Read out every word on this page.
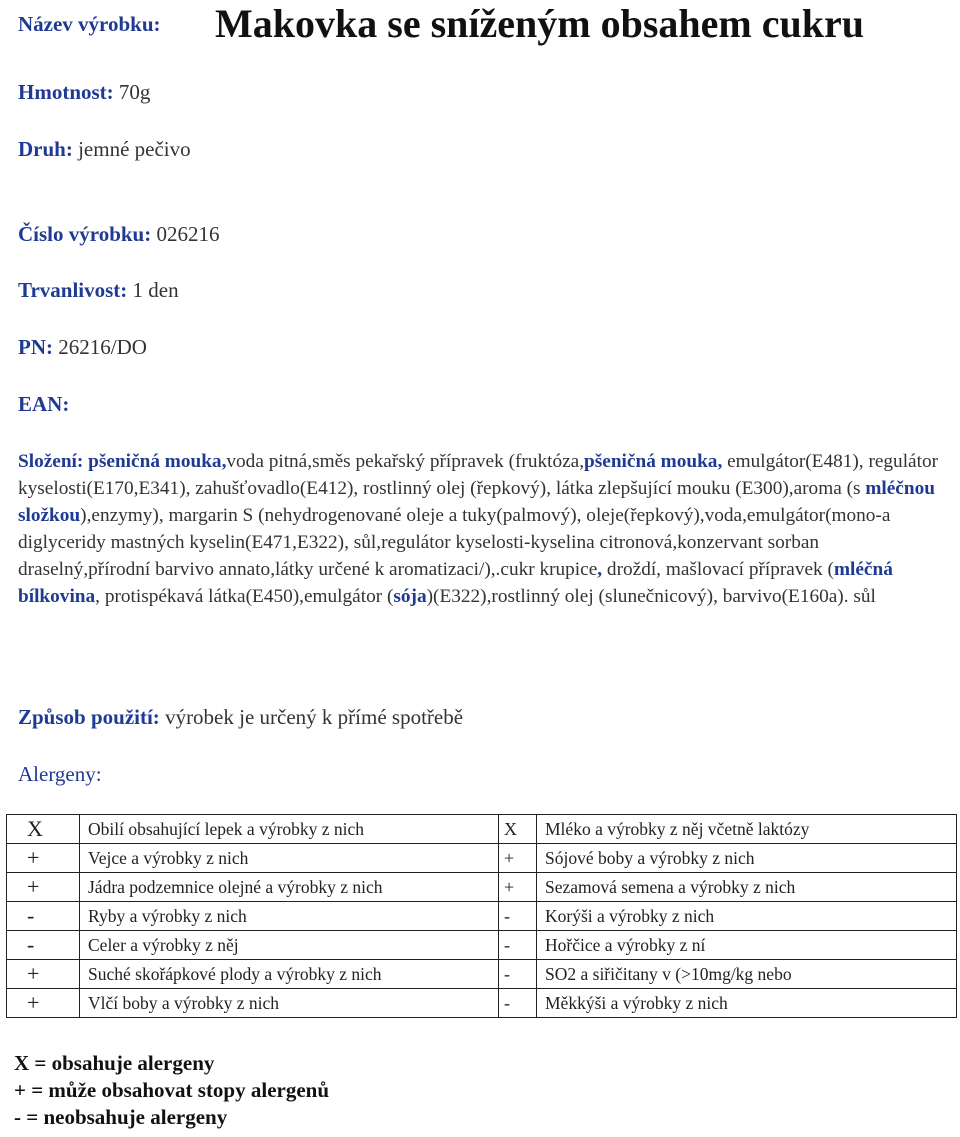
Název výrobku: Makovka se sníženým obsahem cukru
Hmotnost: 70g
Druh: jemné pečivo
Číslo výrobku: 026216
Trvanlivost: 1 den
PN: 26216/DO
EAN:
Složení: pšeničná mouka,voda pitná,směs pekařský přípravek (fruktóza,pšeničná mouka, emulgátor(E481), regulátor kyselosti(E170,E341), zahušťovadlo(E412), rostlinný olej (řepkový), látka zlepšující mouku (E300),aroma (s mléčnou složkou),enzymy), margarin S (nehydrogenované oleje a tuky(palmový), oleje(řepkový),voda,emulgátor(mono-a diglyceridy mastných kyselin(E471,E322), sůl,regulátor kyselosti-kyselina citronová,konzervant sorban draselný,přírodní barvivo annato,látky určené k aromatizaci/),.cukr krupice, droždí, mašlovací přípravek (mléčná bílkovina, protispékavá látka(E450),emulgátor (sója)(E322),rostlinný olej (slunečnicový), barvivo(E160a). sůl
Způsob použití: výrobek je určený k přímé spotřebě
Alergeny:
X	Obilí obsahující lepek a výrobky z nich	X	Mléko a výrobky z něj včetně laktózy
+	Vejce a výrobky z nich	+	Sójové boby a výrobky z nich
+	Jádra podzemnice olejné a výrobky z nich	+	Sezamová semena a výrobky z nich
-	Ryby a výrobky z nich	-	Korýši a výrobky z nich
-	Celer a výrobky z něj	-	Hořčice a výrobky z ní
+	Suché skořápkové plody a výrobky z nich	-	SO2 a siřičitany v (>10mg/kg nebo
+	Vlčí boby a výrobky z nich	-	Měkkýši a výrobky z nich
X = obsahuje alergeny
+ = může obsahovat stopy alergenů
- = neobsahuje alergeny
